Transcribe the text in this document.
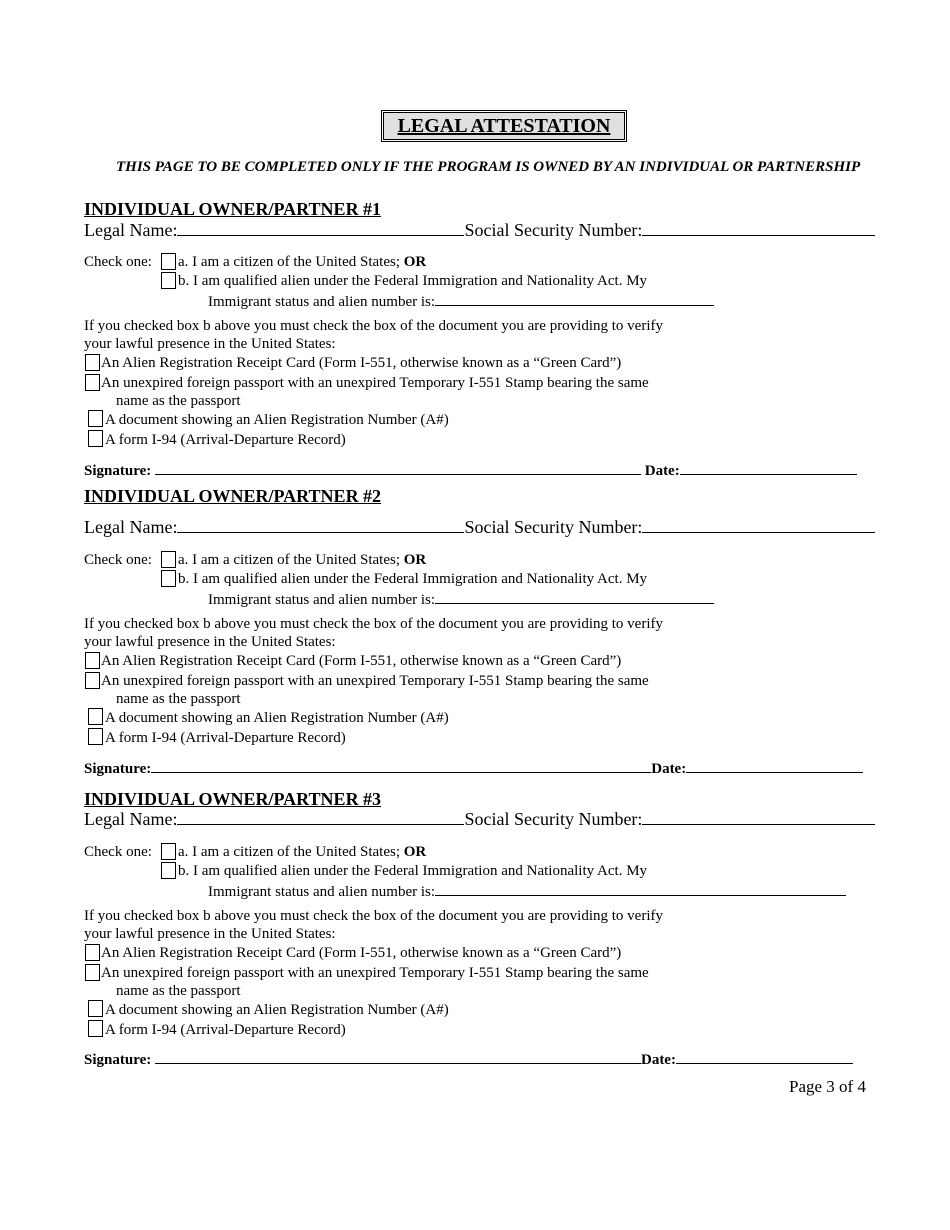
LEGAL ATTESTATION
THIS PAGE TO BE COMPLETED ONLY IF THE PROGRAM IS OWNED BY AN INDIVIDUAL OR PARTNERSHIP
INDIVIDUAL OWNER/PARTNER #1
Legal Name:	Social Security Number:
Check one: a. I am a citizen of the United States; OR
b. I am qualified alien under the Federal Immigration and Nationality Act. My
Immigrant status and alien number is:
If you checked box b above you must check the box of the document you are providing to verify
your lawful presence in the United States:
An Alien Registration Receipt Card (Form I-551, otherwise known as a “Green Card”)
An unexpired foreign passport with an unexpired Temporary I-551 Stamp bearing the same
name as the passport
A document showing an Alien Registration Number (A#)
A form I-94 (Arrival-Departure Record)
Signature:	Date:
INDIVIDUAL OWNER/PARTNER #2
Legal Name:	Social Security Number:
Check one: a. I am a citizen of the United States; OR
b. I am qualified alien under the Federal Immigration and Nationality Act. My
Immigrant status and alien number is:
If you checked box b above you must check the box of the document you are providing to verify
your lawful presence in the United States:
An Alien Registration Receipt Card (Form I-551, otherwise known as a “Green Card”)
An unexpired foreign passport with an unexpired Temporary I-551 Stamp bearing the same
name as the passport
A document showing an Alien Registration Number (A#)
A form I-94 (Arrival-Departure Record)
Signature:	Date:
INDIVIDUAL OWNER/PARTNER #3
Legal Name:	Social Security Number:
Check one: a. I am a citizen of the United States; OR
b. I am qualified alien under the Federal Immigration and Nationality Act. My
Immigrant status and alien number is:
If you checked box b above you must check the box of the document you are providing to verify
your lawful presence in the United States:
An Alien Registration Receipt Card (Form I-551, otherwise known as a “Green Card”)
An unexpired foreign passport with an unexpired Temporary I-551 Stamp bearing the same
name as the passport
A document showing an Alien Registration Number (A#)
A form I-94 (Arrival-Departure Record)
Signature:	Date:
Page 3 of 4
